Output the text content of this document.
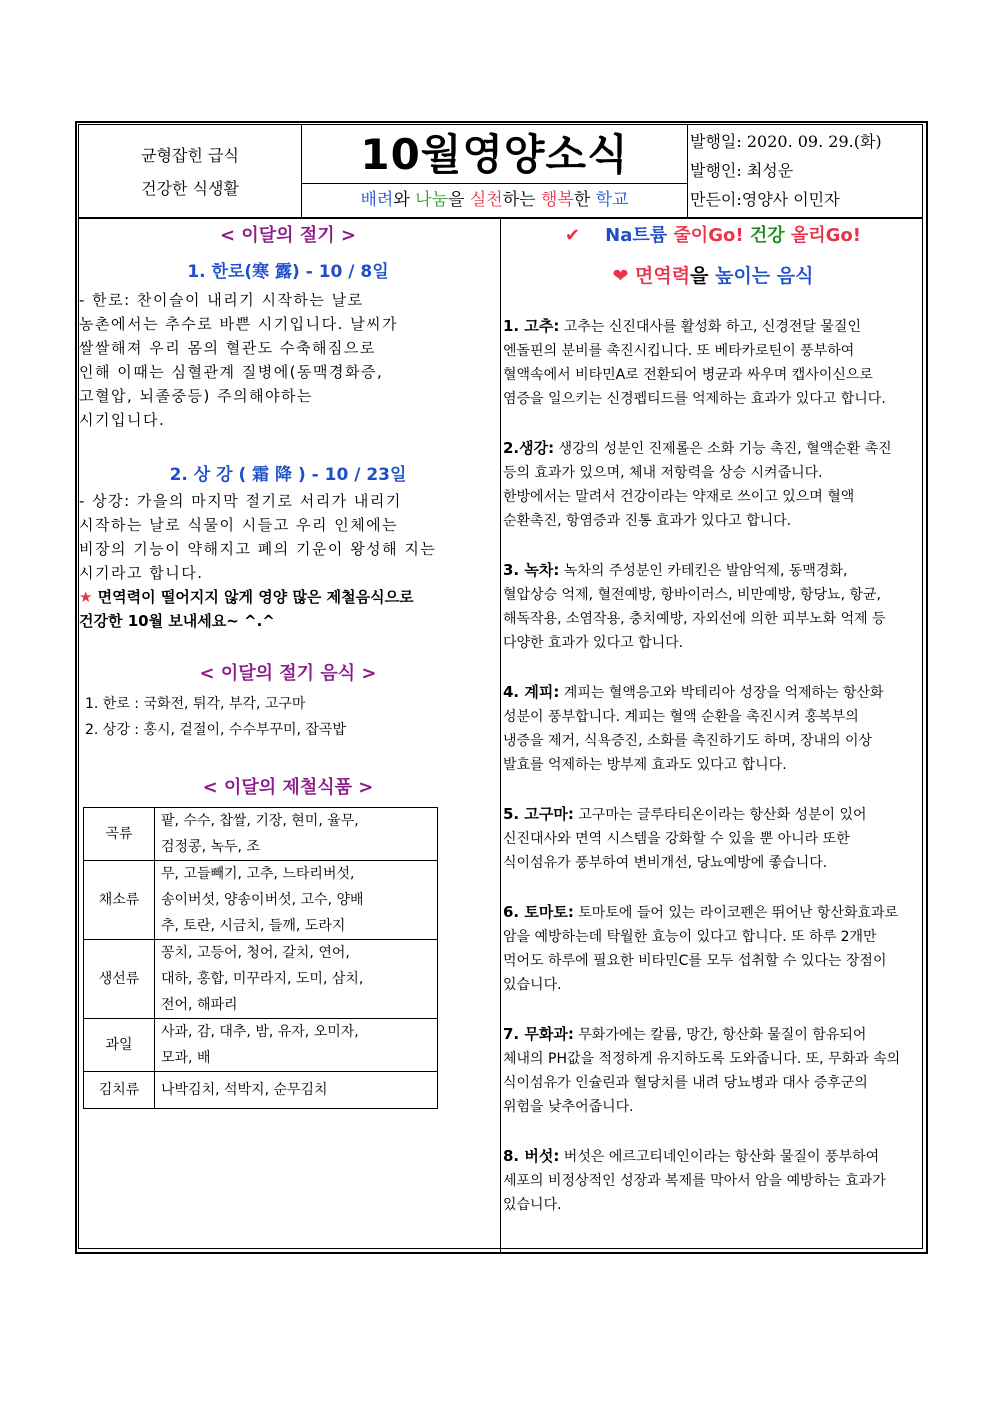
균형잡힌 급식
건강한 식생활
10월영양소식
배려와 나눔을 실천하는 행복한 학교
발행일: 2020. 09. 29.(화)
발행인: 최성운
만든이:영양사 이민자
< 이달의 절기 >
1. 한로(寒 露) - 10 / 8일
- 한로: 찬이슬이 내리기 시작하는 날로
농촌에서는 추수로 바쁜 시기입니다. 날씨가
쌀쌀해져 우리 몸의 혈관도 수축해짐으로
인해 이때는 심혈관계 질병에(동맥경화증,
고혈압, 뇌졸중등) 주의해야하는
시기입니다.
2. 상 강 ( 霜 降 ) - 10 / 23일
- 상강: 가을의 마지막 절기로 서리가 내리기
시작하는 날로 식물이 시들고 우리 인체에는
비장의 기능이 약해지고 폐의 기운이 왕성해 지는
시기라고 합니다.
★ 면역력이 떨어지지 않게 영양 많은 제철음식으로
건강한 10월 보내세요~ ^.^
< 이달의 절기 음식 >
1. 한로 : 국화전, 튀각, 부각, 고구마
2. 상강 : 홍시, 겉절이, 수수부꾸미, 잡곡밥
< 이달의 제철식품 >
곡류	팥, 수수, 찹쌀, 기장, 현미, 율무,
검정콩, 녹두, 조

채소류	무, 고들빼기, 고추, 느타리버섯,
송이버섯, 양송이버섯, 고수, 양배
추, 토란, 시금치, 들깨, 도라지

생선류	꽁치, 고등어, 청어, 갈치, 연어,
대하, 홍합, 미꾸라지, 도미, 삼치,
전어, 해파리

과일	사과, 감, 대추, 밤, 유자, 오미자,
모과, 배

김치류	나박김치, 석박지, 순무김치
✔ Na트륨 줄이Go! 건강 올리Go!
❤ 면역력을 높이는 음식
1. 고추: 고추는 신진대사를 활성화 하고, 신경전달 물질인
엔돌핀의 분비를 촉진시킵니다. 또 베타카로틴이 풍부하여
혈액속에서 비타민A로 전환되어 병균과 싸우며 캡사이신으로
염증을 일으키는 신경펩티드를 억제하는 효과가 있다고 합니다.
2.생강: 생강의 성분인 진제롤은 소화 기능 촉진, 혈액순환 촉진
등의 효과가 있으며, 체내 저항력을 상승 시켜줍니다.
한방에서는 말려서 건강이라는 약재로 쓰이고 있으며 혈액
순환촉진, 항염증과 진통 효과가 있다고 합니다.
3. 녹차: 녹차의 주성분인 카테킨은 발암억제, 동맥경화,
혈압상승 억제, 혈전예방, 항바이러스, 비만예방, 항당뇨, 항균,
해독작용, 소염작용, 충치예방, 자외선에 의한 피부노화 억제 등
다양한 효과가 있다고 합니다.
4. 계피: 계피는 혈액응고와 박테리아 성장을 억제하는 항산화
성분이 풍부합니다. 계피는 혈액 순환을 촉진시켜 홍복부의
냉증을 제거, 식욕증진, 소화를 촉진하기도 하며, 장내의 이상
발효를 억제하는 방부제 효과도 있다고 합니다.
5. 고구마: 고구마는 글루타티온이라는 항산화 성분이 있어
신진대사와 면역 시스템을 강화할 수 있을 뿐 아니라 또한
식이섬유가 풍부하여 변비개선, 당뇨예방에 좋습니다.
6. 토마토: 토마토에 들어 있는 라이코펜은 뛰어난 항산화효과로
암을 예방하는데 탁월한 효능이 있다고 합니다. 또 하루 2개만
먹어도 하루에 필요한 비타민C를 모두 섭취할 수 있다는 장점이
있습니다.
7. 무화과: 무화가에는 칼륨, 망간, 항산화 물질이 함유되어
체내의 PH값을 적정하게 유지하도록 도와줍니다. 또, 무화과 속의
식이섬유가 인슐린과 혈당치를 내려 당뇨병과 대사 증후군의
위험을 낮추어줍니다.
8. 버섯: 버섯은 에르고티네인이라는 항산화 물질이 풍부하여
세포의 비정상적인 성장과 복제를 막아서 암을 예방하는 효과가
있습니다.
